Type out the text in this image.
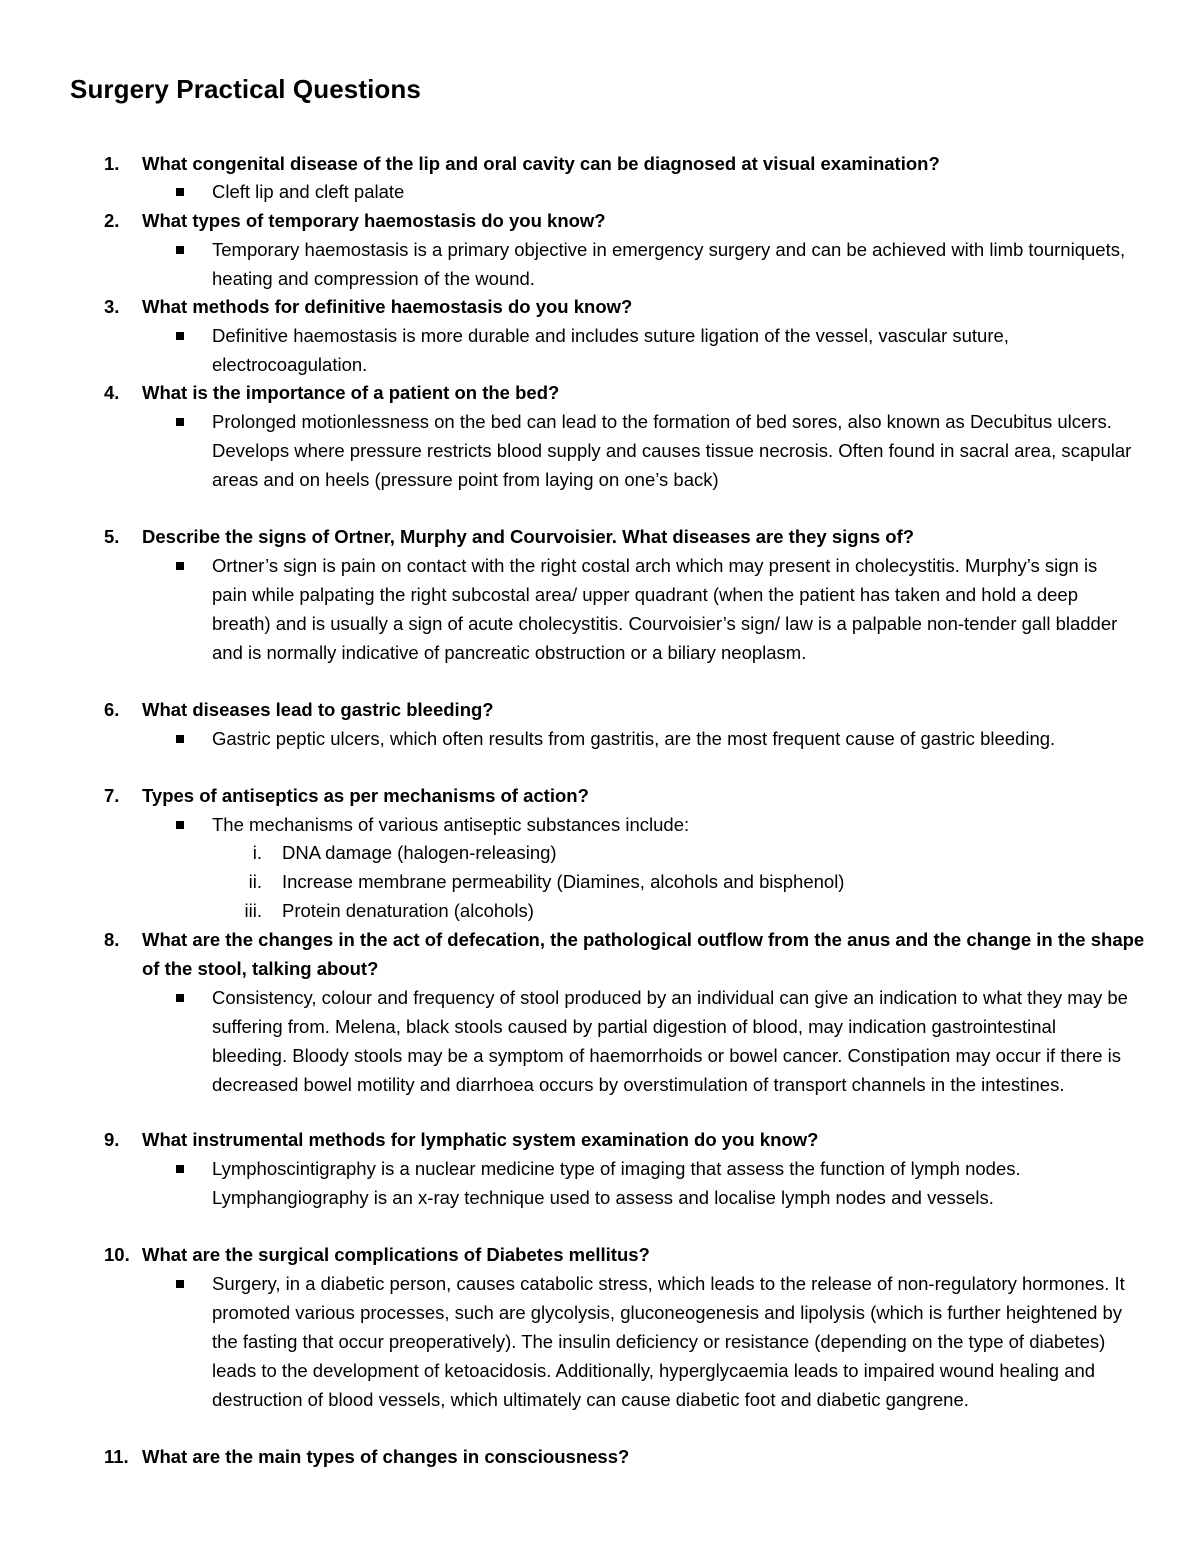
Surgery Practical Questions
1. What congenital disease of the lip and oral cavity can be diagnosed at visual examination?
Cleft lip and cleft palate
2. What types of temporary haemostasis do you know?
Temporary haemostasis is a primary objective in emergency surgery and can be achieved with limb tourniquets, heating and compression of the wound.
3. What methods for definitive haemostasis do you know?
Definitive haemostasis is more durable and includes suture ligation of the vessel, vascular suture, electrocoagulation.
4. What is the importance of a patient on the bed?
Prolonged motionlessness on the bed can lead to the formation of bed sores, also known as Decubitus ulcers. Develops where pressure restricts blood supply and causes tissue necrosis. Often found in sacral area, scapular areas and on heels (pressure point from laying on one’s back)
5. Describe the signs of Ortner, Murphy and Courvoisier. What diseases are they signs of?
Ortner’s sign is pain on contact with the right costal arch which may present in cholecystitis. Murphy’s sign is pain while palpating the right subcostal area/ upper quadrant (when the patient has taken and hold a deep breath) and is usually a sign of acute cholecystitis. Courvoisier’s sign/ law is a palpable non-tender gall bladder and is normally indicative of pancreatic obstruction or a biliary neoplasm.
6. What diseases lead to gastric bleeding?
Gastric peptic ulcers, which often results from gastritis, are the most frequent cause of gastric bleeding.
7. Types of antiseptics as per mechanisms of action?
The mechanisms of various antiseptic substances include:
i. DNA damage (halogen-releasing)
ii. Increase membrane permeability (Diamines, alcohols and bisphenol)
iii. Protein denaturation (alcohols)
8. What are the changes in the act of defecation, the pathological outflow from the anus and the change in the shape of the stool, talking about?
Consistency, colour and frequency of stool produced by an individual can give an indication to what they may be suffering from. Melena, black stools caused by partial digestion of blood, may indication gastrointestinal bleeding. Bloody stools may be a symptom of haemorrhoids or bowel cancer. Constipation may occur if there is decreased bowel motility and diarrhoea occurs by overstimulation of transport channels in the intestines.
9. What instrumental methods for lymphatic system examination do you know?
Lymphoscintigraphy is a nuclear medicine type of imaging that assess the function of lymph nodes. Lymphangiography is an x-ray technique used to assess and localise lymph nodes and vessels.
10. What are the surgical complications of Diabetes mellitus?
Surgery, in a diabetic person, causes catabolic stress, which leads to the release of non-regulatory hormones. It promoted various processes, such are glycolysis, gluconeogenesis and lipolysis (which is further heightened by the fasting that occur preoperatively). The insulin deficiency or resistance (depending on the type of diabetes) leads to the development of ketoacidosis. Additionally, hyperglycaemia leads to impaired wound healing and destruction of blood vessels, which ultimately can cause diabetic foot and diabetic gangrene.
11. What are the main types of changes in consciousness?
